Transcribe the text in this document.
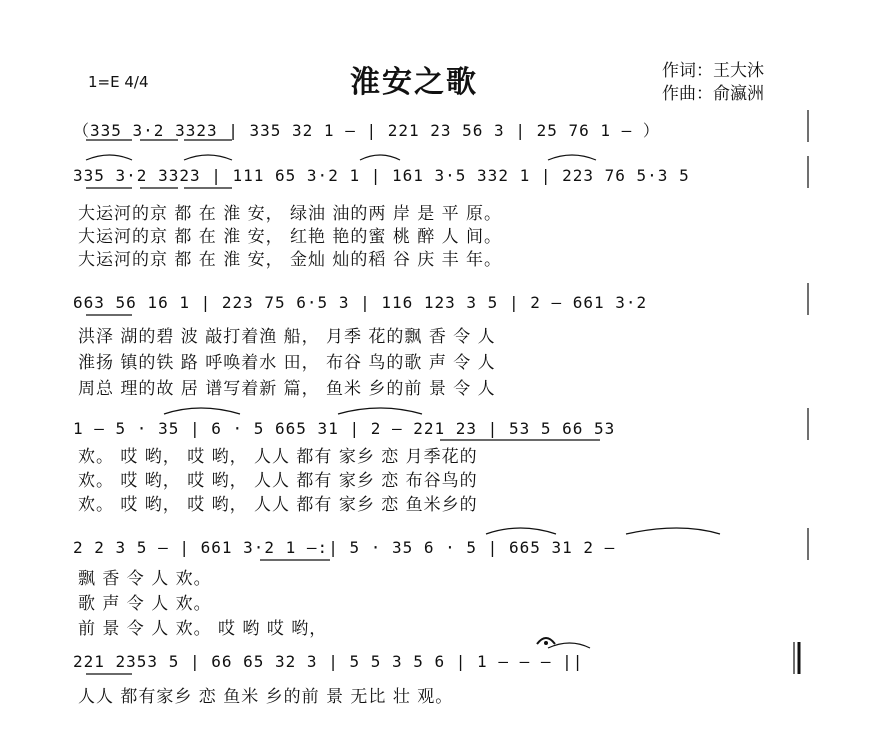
淮安之歌
1=E 4/4
作词：王大沐
作曲：俞瀛洲
（335 3·2 3323 | 335 32 1 — | 221 23 56 3 | 25 76 1 — ）
335 3·2 3323 | 111 65 3·2 1 | 161 3·5 332 1 | 223 76 5·3 5
大运河的京 都 在 淮 安， 绿油 油的两 岸 是 平 原。
大运河的京 都 在 淮 安， 红艳 艳的蜜 桃 醉 人 间。
大运河的京 都 在 淮 安， 金灿 灿的稻 谷 庆 丰 年。
663 56 16 1 | 223 75 6·5 3 | 116 123 3 5 | 2 — 661 3·2
洪泽 湖的碧 波 敲打着渔 船， 月季 花的飘 香 令 人
淮扬 镇的铁 路 呼唤着水 田， 布谷 鸟的歌 声 令 人
周总 理的故 居 谱写着新 篇， 鱼米 乡的前 景 令 人
1 — 5 · 35 | 6 · 5 665 31 | 2 — 221 23 | 53 5 66 53
欢。 哎 哟， 哎 哟， 人人 都有 家乡 恋 月季花的
欢。 哎 哟， 哎 哟， 人人 都有 家乡 恋 布谷鸟的
欢。 哎 哟， 哎 哟， 人人 都有 家乡 恋 鱼米乡的
2 2 3 5 — | 661 3·2 1 —:| 5 · 35 6 · 5 | 665 31 2 —
飘 香 令 人 欢。
歌 声 令 人 欢。
前 景 令 人 欢。 哎 哟 哎 哟，
221 2353 5 | 66 65 32 3 | 5 5 3 5 6 | 1 — — — ||
人人 都有家乡 恋 鱼米 乡的前 景 无比 壮 观。
